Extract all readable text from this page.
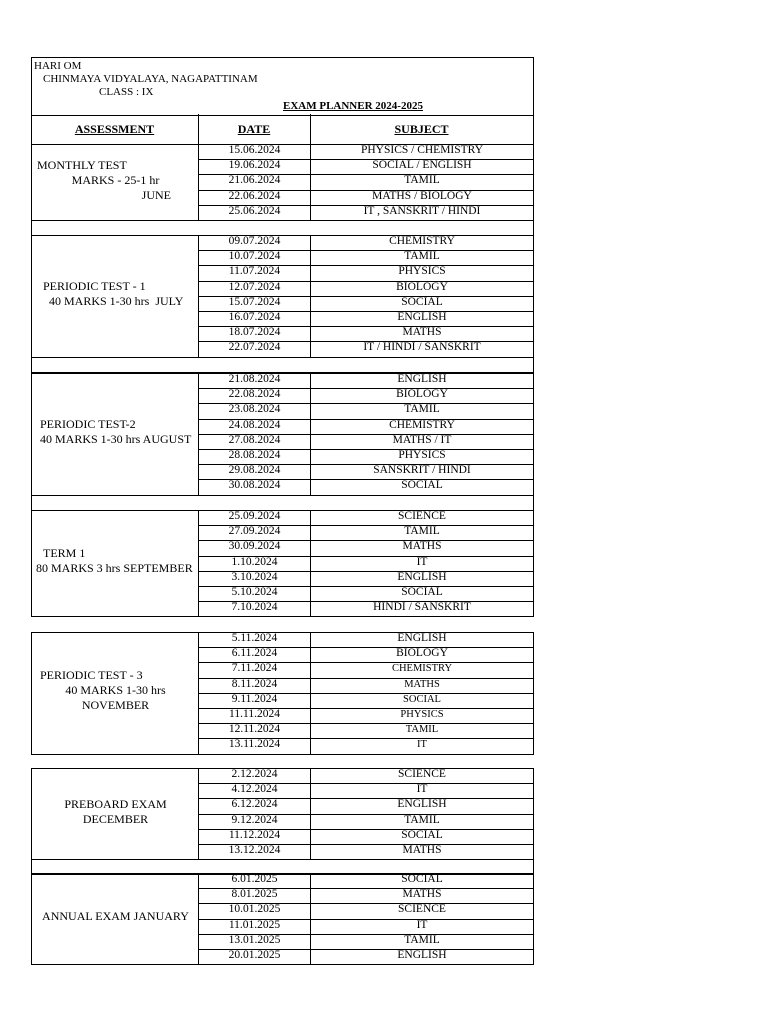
HARI OM
CHINMAYA VIDYALAYA, NAGAPATTINAM
CLASS : IX
EXAM PLANNER 2024-2025
ASSESSMENT	DATE	SUBJECT
MONTHLY TEST
MARKS - 25-1 hr
JUNE
15.06.2024	PHYSICS / CHEMISTRY
19.06.2024	SOCIAL / ENGLISH
21.06.2024	TAMIL
22.06.2024	MATHS / BIOLOGY
25.06.2024	IT , SANSKRIT / HINDI
PERIODIC TEST - 1
40 MARKS 1-30 hrs  JULY
09.07.2024	CHEMISTRY
10.07.2024	TAMIL
11.07.2024	PHYSICS
12.07.2024	BIOLOGY
15.07.2024	SOCIAL
16.07.2024	ENGLISH
18.07.2024	MATHS
22.07.2024	IT / HINDI / SANSKRIT
PERIODIC TEST-2
40 MARKS 1-30 hrs AUGUST
21.08.2024	ENGLISH
22.08.2024	BIOLOGY
23.08.2024	TAMIL
24.08.2024	CHEMISTRY
27.08.2024	MATHS / IT
28.08.2024	PHYSICS
29.08.2024	SANSKRIT / HINDI
30.08.2024	SOCIAL
TERM 1
80 MARKS 3 hrs SEPTEMBER
25.09.2024	SCIENCE
27.09.2024	TAMIL
30.09.2024	MATHS
1.10.2024	IT
3.10.2024	ENGLISH
5.10.2024	SOCIAL
7.10.2024	HINDI / SANSKRIT
PERIODIC TEST - 3
40 MARKS 1-30 hrs
NOVEMBER
5.11.2024	ENGLISH
6.11.2024	BIOLOGY
7.11.2024	CHEMISTRY
8.11.2024	MATHS
9.11.2024	SOCIAL
11.11.2024	PHYSICS
12.11.2024	TAMIL
13.11.2024	IT
PREBOARD EXAM
DECEMBER
2.12.2024	SCIENCE
4.12.2024	IT
6.12.2024	ENGLISH
9.12.2024	TAMIL
11.12.2024	SOCIAL
13.12.2024	MATHS
ANNUAL EXAM JANUARY
6.01.2025	SOCIAL
8.01.2025	MATHS
10.01.2025	SCIENCE
11.01.2025	IT
13.01.2025	TAMIL
20.01.2025	ENGLISH
